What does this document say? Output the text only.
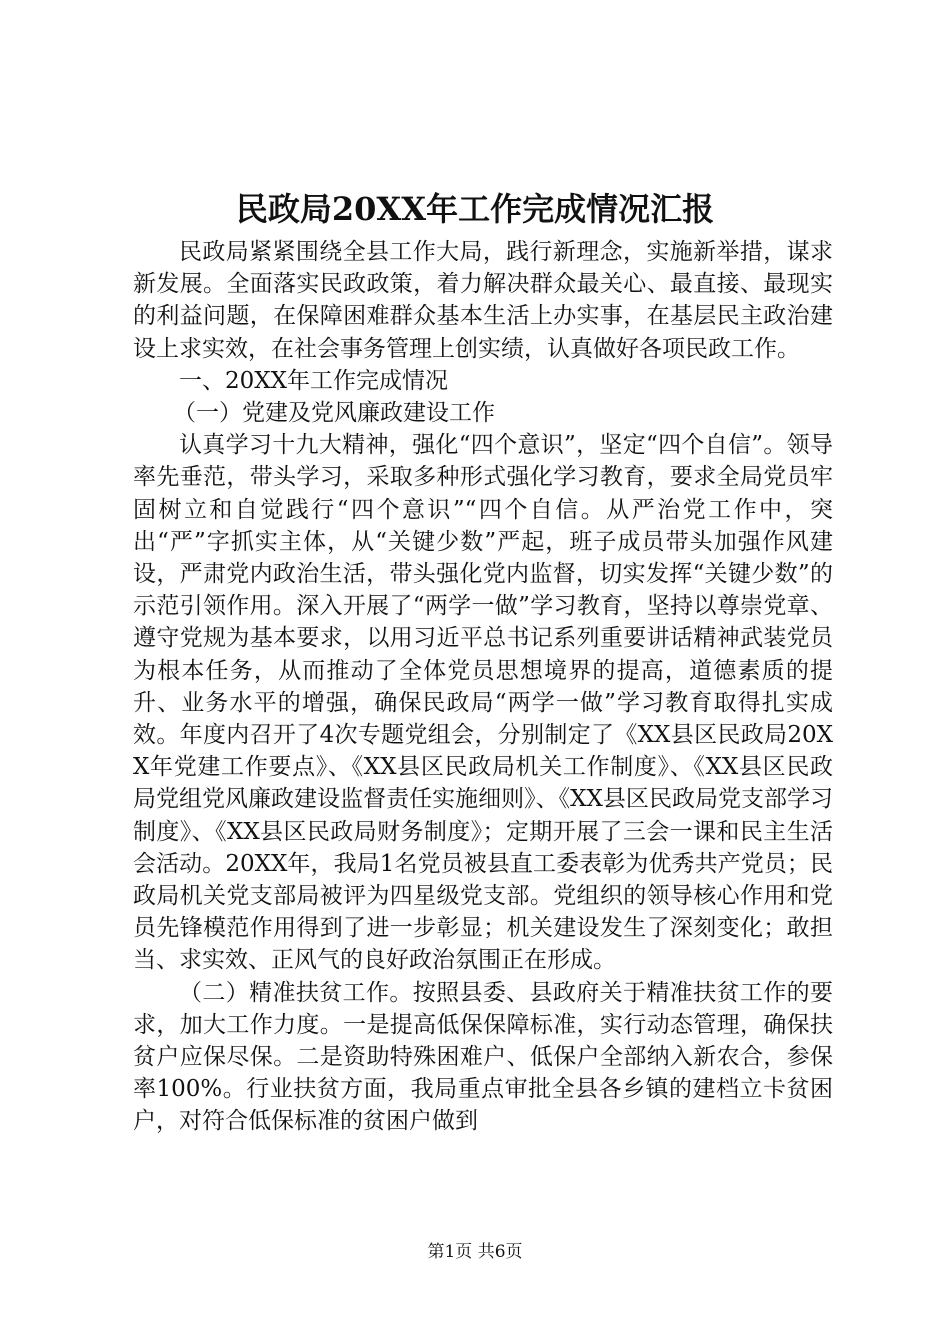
民政局20XX年工作完成情况汇报

民政局紧紧围绕全县工作大局，践行新理念，实施新举措，谋求新发展。全面落实民政政策，着力解决群众最关心、最直接、最现实的利益问题，在保障困难群众基本生活上办实事，在基层民主政治建设上求实效，在社会事务管理上创实绩，认真做好各项民政工作。

一、20XX年工作完成情况

（一）党建及党风廉政建设工作

认真学习十九大精神，强化“四个意识”，坚定“四个自信”。领导率先垂范，带头学习，采取多种形式强化学习教育，要求全局党员牢固树立和自觉践行“四个意识”“四个自信。从严治党工作中，突出“严”字抓实主体，从“关键少数”严起，班子成员带头加强作风建设，严肃党内政治生活，带头强化党内监督，切实发挥“关键少数”的示范引领作用。深入开展了“两学一做”学习教育，坚持以尊崇党章、遵守党规为基本要求，以用习近平总书记系列重要讲话精神武装党员为根本任务，从而推动了全体党员思想境界的提高，道德素质的提升、业务水平的增强，确保民政局“两学一做”学习教育取得扎实成效。年度内召开了4次专题党组会，分别制定了《XX县区民政局20XX年党建工作要点》、《XX县区民政局机关工作制度》、《XX县区民政局党组党风廉政建设监督责任实施细则》、《XX县区民政局党支部学习制度》、《XX县区民政局财务制度》；定期开展了三会一课和民主生活会活动。20XX年，我局1名党员被县直工委表彰为优秀共产党员；民政局机关党支部局被评为四星级党支部。党组织的领导核心作用和党员先锋模范作用得到了进一步彰显；机关建设发生了深刻变化；敢担当、求实效、正风气的良好政治氛围正在形成。

（二）精准扶贫工作。按照县委、县政府关于精准扶贫工作的要求，加大工作力度。一是提高低保保障标准，实行动态管理，确保扶贫户应保尽保。二是资助特殊困难户、低保户全部纳入新农合，参保率100%。行业扶贫方面，我局重点审批全县各乡镇的建档立卡贫困户，对符合低保标准的贫困户做到

第1页 共6页
